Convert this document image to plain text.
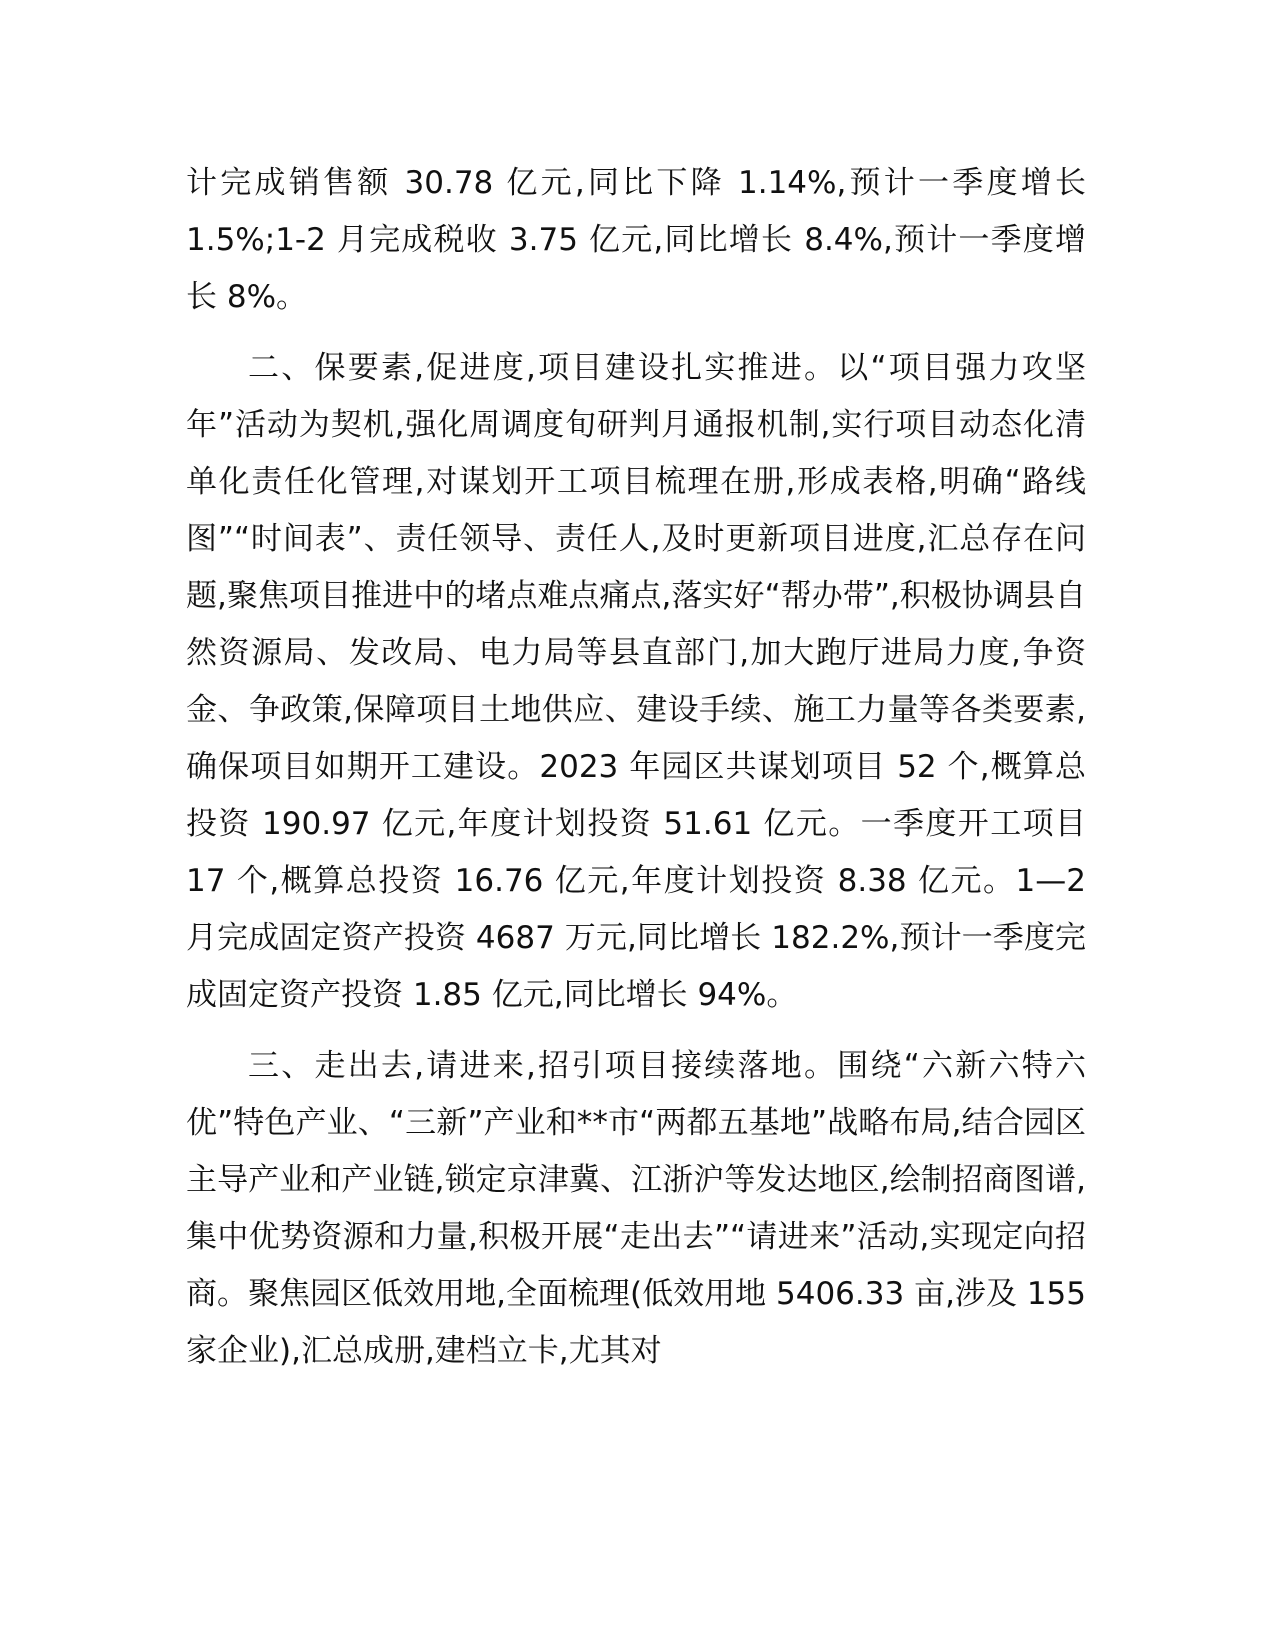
计完成销售额 30.78 亿元,同比下降 1.14%,预计一季度增长 1.5%;1-2 月完成税收 3.75 亿元,同比增长 8.4%,预计一季度增长 8%。

二、保要素,促进度,项目建设扎实推进。以“项目强力攻坚年”活动为契机,强化周调度旬研判月通报机制,实行项目动态化清单化责任化管理,对谋划开工项目梳理在册,形成表格,明确“路线图”“时间表”、责任领导、责任人,及时更新项目进度,汇总存在问题,聚焦项目推进中的堵点难点痛点,落实好“帮办带”,积极协调县自然资源局、发改局、电力局等县直部门,加大跑厅进局力度,争资金、争政策,保障项目土地供应、建设手续、施工力量等各类要素,确保项目如期开工建设。2023 年园区共谋划项目 52 个,概算总投资 190.97 亿元,年度计划投资 51.61 亿元。一季度开工项目 17 个,概算总投资 16.76 亿元,年度计划投资 8.38 亿元。1—2 月完成固定资产投资 4687 万元,同比增长 182.2%,预计一季度完成固定资产投资 1.85 亿元,同比增长 94%。

三、走出去,请进来,招引项目接续落地。围绕“六新六特六优”特色产业、“三新”产业和**市“两都五基地”战略布局,结合园区主导产业和产业链,锁定京津冀、江浙沪等发达地区,绘制招商图谱,集中优势资源和力量,积极开展“走出去”“请进来”活动,实现定向招商。聚焦园区低效用地,全面梳理(低效用地 5406.33 亩,涉及 155 家企业),汇总成册,建档立卡,尤其对
